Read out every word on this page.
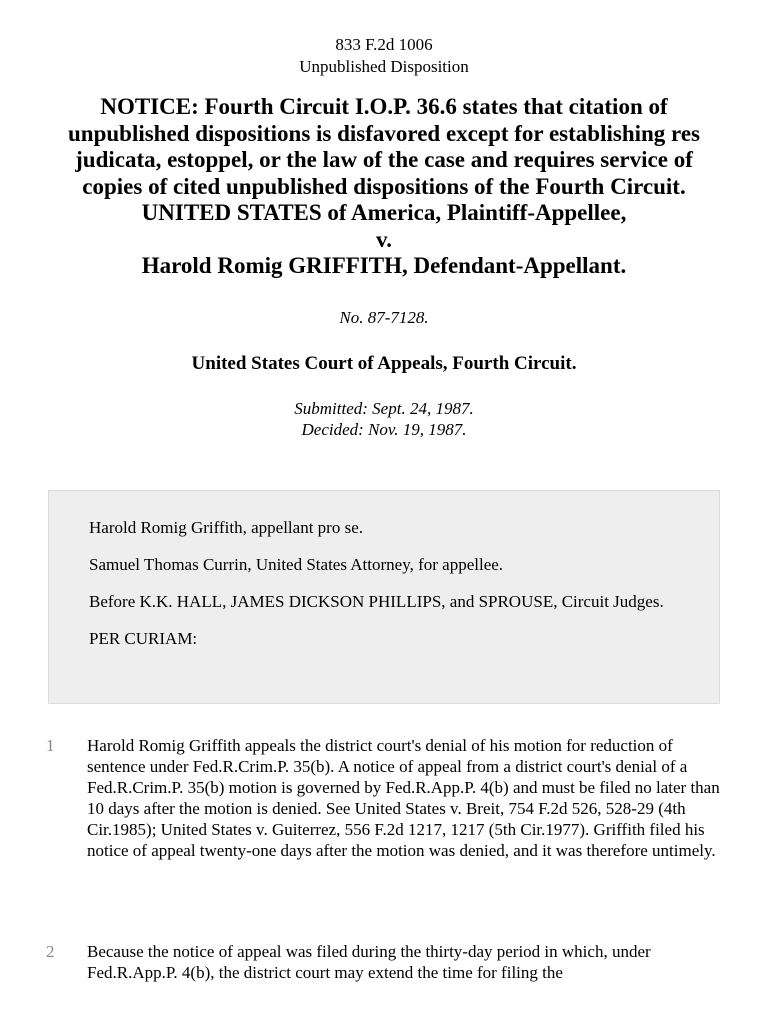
833 F.2d 1006
Unpublished Disposition
NOTICE: Fourth Circuit I.O.P. 36.6 states that citation of unpublished dispositions is disfavored except for establishing res judicata, estoppel, or the law of the case and requires service of copies of cited unpublished dispositions of the Fourth Circuit.
UNITED STATES of America, Plaintiff-Appellee,
v.
Harold Romig GRIFFITH, Defendant-Appellant.
No. 87-7128.
United States Court of Appeals, Fourth Circuit.
Submitted: Sept. 24, 1987.
Decided: Nov. 19, 1987.

Harold Romig Griffith, appellant pro se.

Samuel Thomas Currin, United States Attorney, for appellee.

Before K.K. HALL, JAMES DICKSON PHILLIPS, and SPROUSE, Circuit Judges.

PER CURIAM:

1 Harold Romig Griffith appeals the district court's denial of his motion for reduction of sentence under Fed.R.Crim.P. 35(b). A notice of appeal from a district court's denial of a Fed.R.Crim.P. 35(b) motion is governed by Fed.R.App.P. 4(b) and must be filed no later than 10 days after the motion is denied. See United States v. Breit, 754 F.2d 526, 528-29 (4th Cir.1985); United States v. Guiterrez, 556 F.2d 1217, 1217 (5th Cir.1977). Griffith filed his notice of appeal twenty-one days after the motion was denied, and it was therefore untimely.
2 Because the notice of appeal was filed during the thirty-day period in which, under Fed.R.App.P. 4(b), the district court may extend the time for filing the
